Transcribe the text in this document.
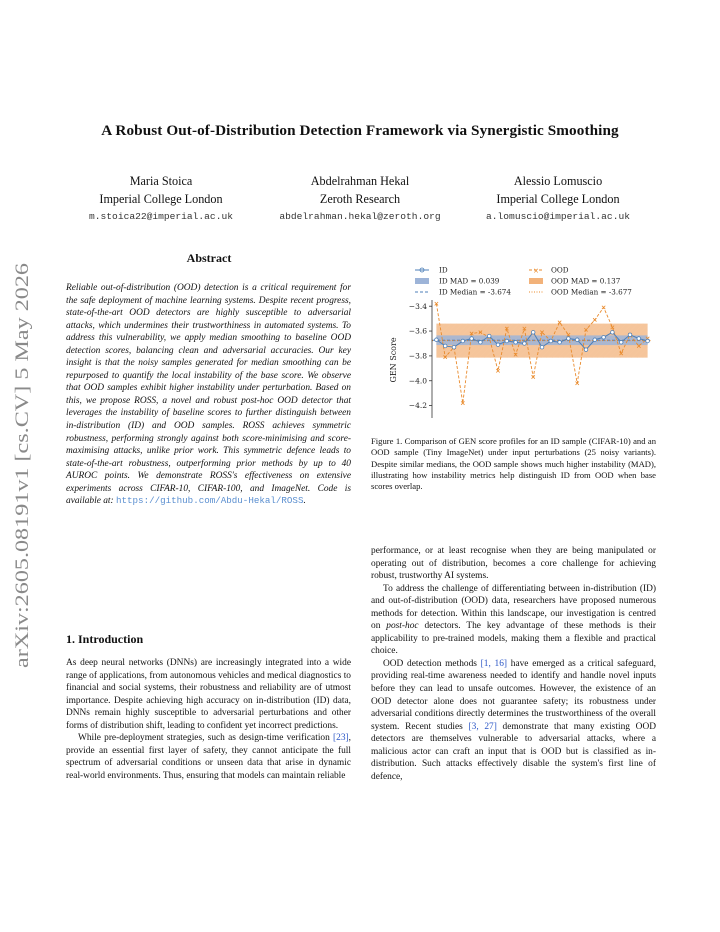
arXiv:2605.08191v1 [cs.CV] 5 May 2026
A Robust Out-of-Distribution Detection Framework via Synergistic Smoothing
Maria Stoica
Imperial College London
m.stoica22@imperial.ac.uk
Abdelrahman Hekal
Zeroth Research
abdelrahman.hekal@zeroth.org
Alessio Lomuscio
Imperial College London
a.lomuscio@imperial.ac.uk
Abstract
Reliable out-of-distribution (OOD) detection is a critical requirement for the safe deployment of machine learning systems. Despite recent progress, state-of-the-art OOD detectors are highly susceptible to adversarial attacks, which undermines their trustworthiness in automated systems. To address this vulnerability, we apply median smoothing to baseline OOD detection scores, balancing clean and adversarial accuracies. Our key insight is that the noisy samples generated for median smoothing can be repurposed to quantify the local instability of the base score. We observe that OOD samples exhibit higher instability under perturbation. Based on this, we propose ROSS, a novel and robust post-hoc OOD detector that leverages the instability of baseline scores to further distinguish between in-distribution (ID) and OOD samples. ROSS achieves symmetric robustness, performing strongly against both score-minimising and score-maximising attacks, unlike prior work. This symmetric defence leads to state-of-the-art robustness, outperforming prior methods by up to 40 AUROC points. We demonstrate ROSS's effectiveness on extensive experiments across CIFAR-10, CIFAR-100, and ImageNet. Code is available at: https://github.com/Abdu-Hekal/ROSS.
1. Introduction

As deep neural networks (DNNs) are increasingly integrated into a wide range of applications, from autonomous vehicles and medical diagnostics to financial and social systems, their robustness and reliability are of utmost importance. Despite achieving high accuracy on in-distribution (ID) data, DNNs remain highly susceptible to adversarial perturbations and other forms of distribution shift, leading to confident yet incorrect predictions.

While pre-deployment strategies, such as design-time verification [23], provide an essential first layer of safety, they cannot anticipate the full spectrum of adversarial conditions or unseen data that arise in dynamic real-world environments. Thus, ensuring that models can maintain reliable

performance, or at least recognise when they are being manipulated or operating out of distribution, becomes a core challenge for achieving robust, trustworthy AI systems.

To address the challenge of differentiating between in-distribution (ID) and out-of-distribution (OOD) data, researchers have proposed numerous methods for detection. Within this landscape, our investigation is centred on post-hoc detectors. The key advantage of these methods is their applicability to pre-trained models, making them a flexible and practical choice.

OOD detection methods [1, 16] have emerged as a critical safeguard, providing real-time awareness needed to identify and handle novel inputs before they can lead to unsafe outcomes. However, the existence of an OOD detector alone does not guarantee safety; its robustness under adversarial conditions directly determines the trustworthiness of the overall system. Recent studies [3, 27] demonstrate that many existing OOD detectors are themselves vulnerable to adversarial attacks, where a malicious actor can craft an input that is OOD but is classified as in-distribution. Such attacks effectively disable the system's first line of defence,

ID
ID MAD = 0.039
ID Median = -3.674
× OOD
OOD MAD = 0.137
OOD Median = -3.677
GEN Score
−3.4
−3.6
−3.8
−4.0
−4.2
Figure 1. Comparison of GEN score profiles for an ID sample (CIFAR-10) and an OOD sample (Tiny ImageNet) under input perturbations (25 noisy variants). Despite similar medians, the OOD sample shows much higher instability (MAD), illustrating how instability metrics help distinguish ID from OOD when base scores overlap.
